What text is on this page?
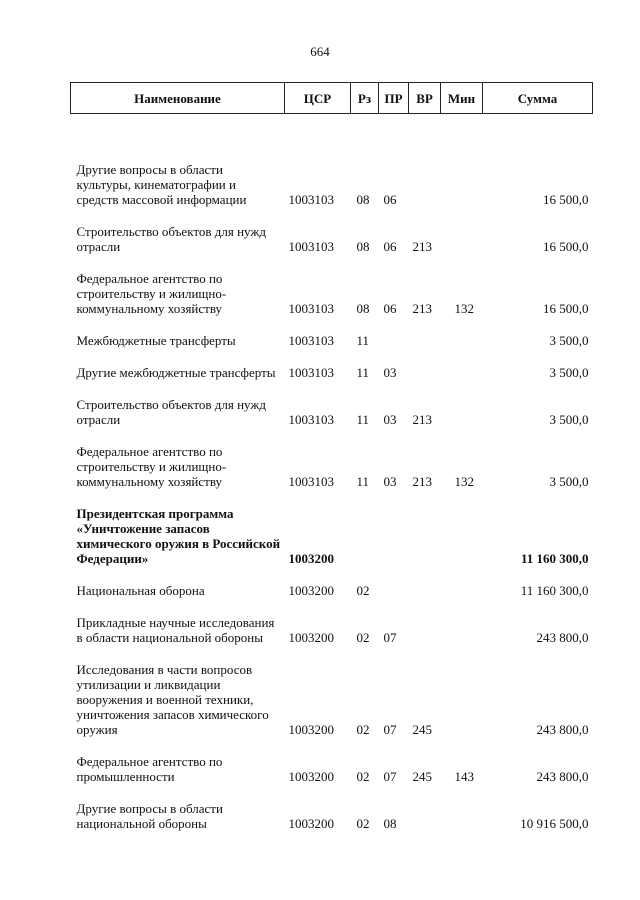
664
Наименование	ЦСР	Рз	ПР	ВР	Мин	Сумма
Другие вопросы в области культуры, кинематографии и средств массовой информации	1003103	08	06			16 500,0
Строительство объектов для нужд отрасли	1003103	08	06	213		16 500,0
Федеральное агентство по строительству и жилищно-коммунальному хозяйству	1003103	08	06	213	132	16 500,0
Межбюджетные трансферты	1003103	11				3 500,0
Другие межбюджетные трансферты	1003103	11	03			3 500,0
Строительство объектов для нужд отрасли	1003103	11	03	213		3 500,0
Федеральное агентство по строительству и жилищно-коммунальному хозяйству	1003103	11	03	213	132	3 500,0
Президентская программа «Уничтожение запасов химического оружия в Российской Федерации»	1003200					11 160 300,0
Национальная оборона	1003200	02				11 160 300,0
Прикладные научные исследования в области национальной обороны	1003200	02	07			243 800,0
Исследования в части вопросов утилизации и ликвидации вооружения и военной техники, уничтожения запасов химического оружия	1003200	02	07	245		243 800,0
Федеральное агентство по промышленности	1003200	02	07	245	143	243 800,0
Другие вопросы в области национальной обороны	1003200	02	08			10 916 500,0
